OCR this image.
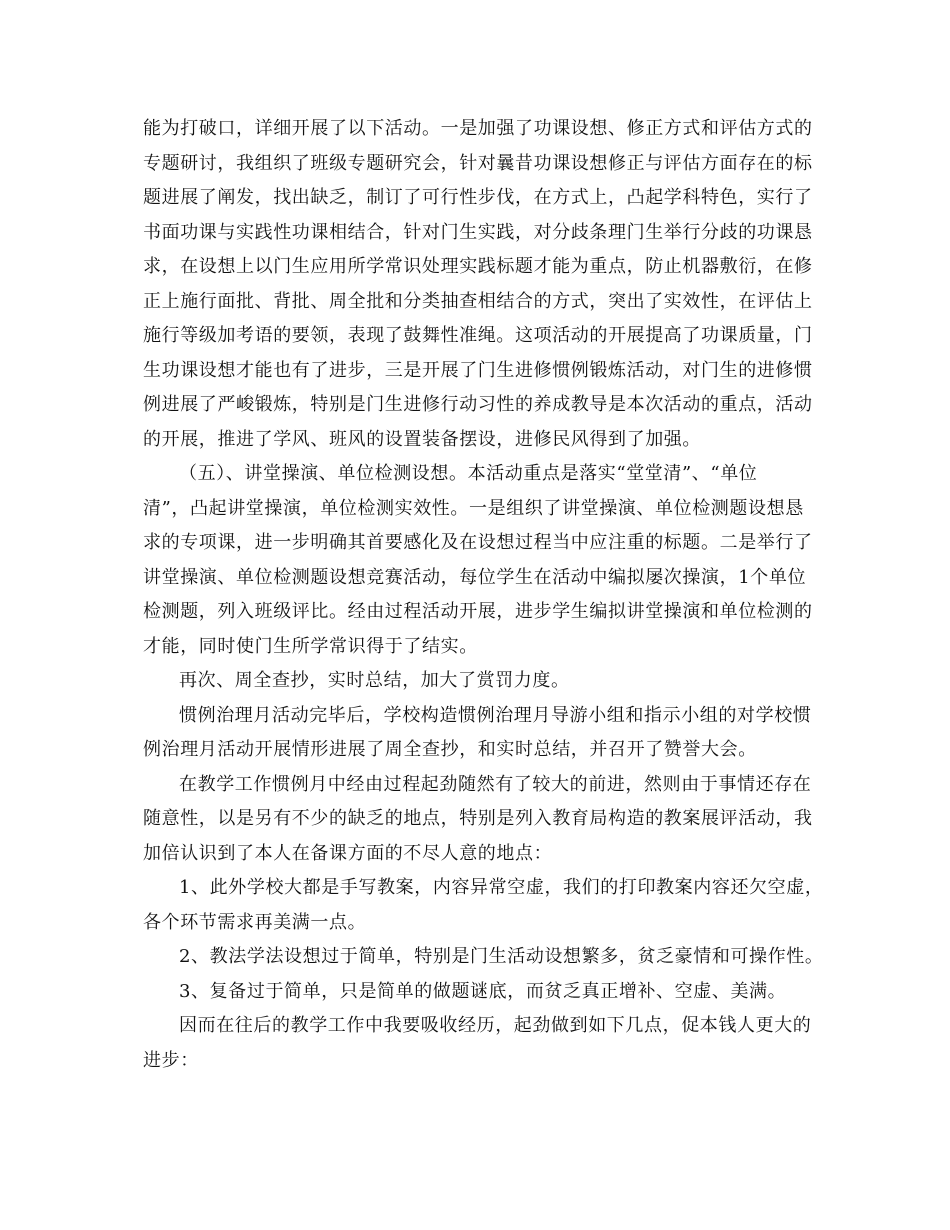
能为打破口，详细开展了以下活动。一是加强了功课设想、修正方式和评估方式的
专题研讨，我组织了班级专题研究会，针对曩昔功课设想修正与评估方面存在的标
题进展了阐发，找出缺乏，制订了可行性步伐，在方式上，凸起学科特色，实行了
书面功课与实践性功课相结合，针对门生实践，对分歧条理门生举行分歧的功课恳
求，在设想上以门生应用所学常识处理实践标题才能为重点，防止机器敷衍，在修
正上施行面批、背批、周全批和分类抽查相结合的方式，突出了实效性，在评估上
施行等级加考语的要领，表现了鼓舞性准绳。这项活动的开展提高了功课质量，门
生功课设想才能也有了进步，三是开展了门生进修惯例锻炼活动，对门生的进修惯
例进展了严峻锻炼，特别是门生进修行动习性的养成教导是本次活动的重点，活动
的开展，推进了学风、班风的设置装备摆设，进修民风得到了加强。
（五）、讲堂操演、单位检测设想。本活动重点是落实“堂堂清”、“单位
清”，凸起讲堂操演，单位检测实效性。一是组织了讲堂操演、单位检测题设想恳
求的专项课，进一步明确其首要感化及在设想过程当中应注重的标题。二是举行了
讲堂操演、单位检测题设想竞赛活动，每位学生在活动中编拟屡次操演，1个单位
检测题，列入班级评比。经由过程活动开展，进步学生编拟讲堂操演和单位检测的
才能，同时使门生所学常识得于了结实。
再次、周全查抄，实时总结，加大了赏罚力度。
惯例治理月活动完毕后，学校构造惯例治理月导游小组和指示小组的对学校惯
例治理月活动开展情形进展了周全查抄，和实时总结，并召开了赞誉大会。
在教学工作惯例月中经由过程起劲随然有了较大的前进，然则由于事情还存在
随意性，以是另有不少的缺乏的地点，特别是列入教育局构造的教案展评活动，我
加倍认识到了本人在备课方面的不尽人意的地点：
1、此外学校大都是手写教案，内容异常空虚，我们的打印教案内容还欠空虚，
各个环节需求再美满一点。
2、教法学法设想过于简单，特别是门生活动设想繁多，贫乏豪情和可操作性。
3、复备过于简单，只是简单的做题谜底，而贫乏真正增补、空虚、美满。
因而在往后的教学工作中我要吸收经历，起劲做到如下几点，促本钱人更大的
进步：
